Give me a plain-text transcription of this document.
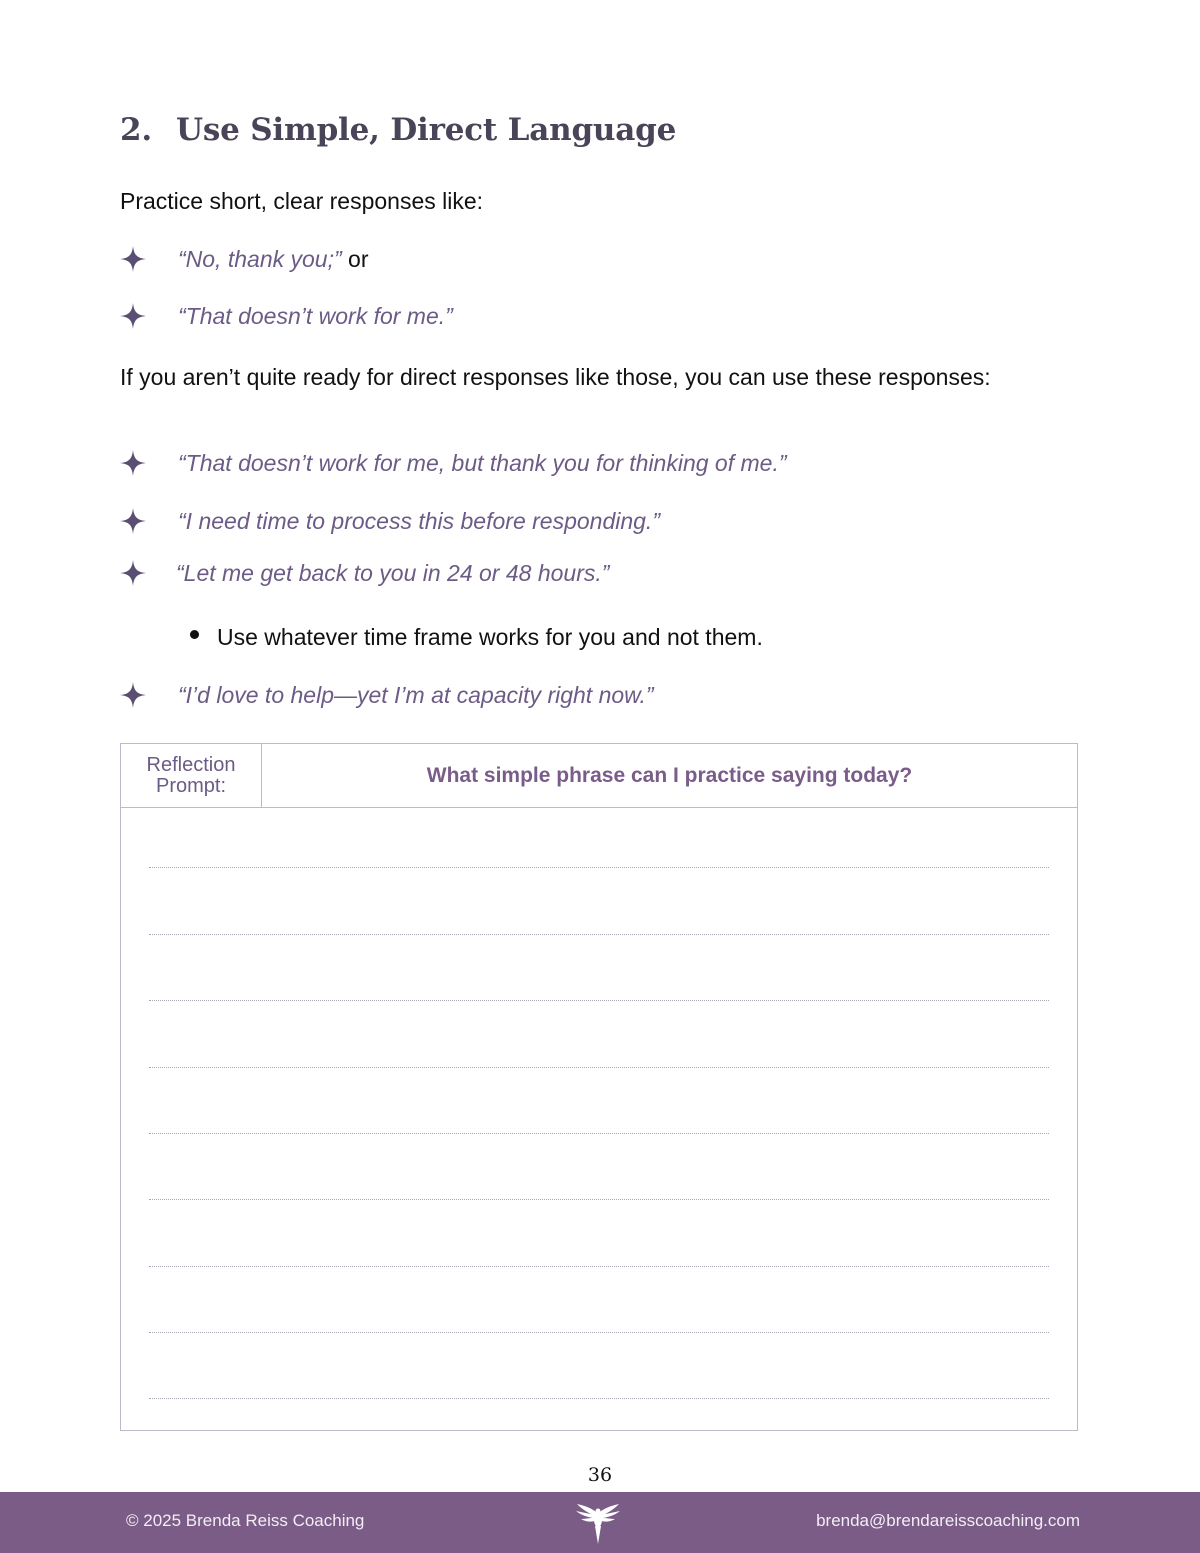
2. Use Simple, Direct Language
Practice short, clear responses like:
“No, thank you;” or
“That doesn’t work for me.”
If you aren’t quite ready for direct responses like those, you can use these responses:
“That doesn’t work for me, but thank you for thinking of me.”
“I need time to process this before responding.”
“Let me get back to you in 24 or 48 hours.”
Use whatever time frame works for you and not them.
“I’d love to help—yet I’m at capacity right now.”
Reflection
Prompt:	What simple phrase can I practice saying today?
36
© 2025 Brenda Reiss Coaching	brenda@brendareisscoaching.com
